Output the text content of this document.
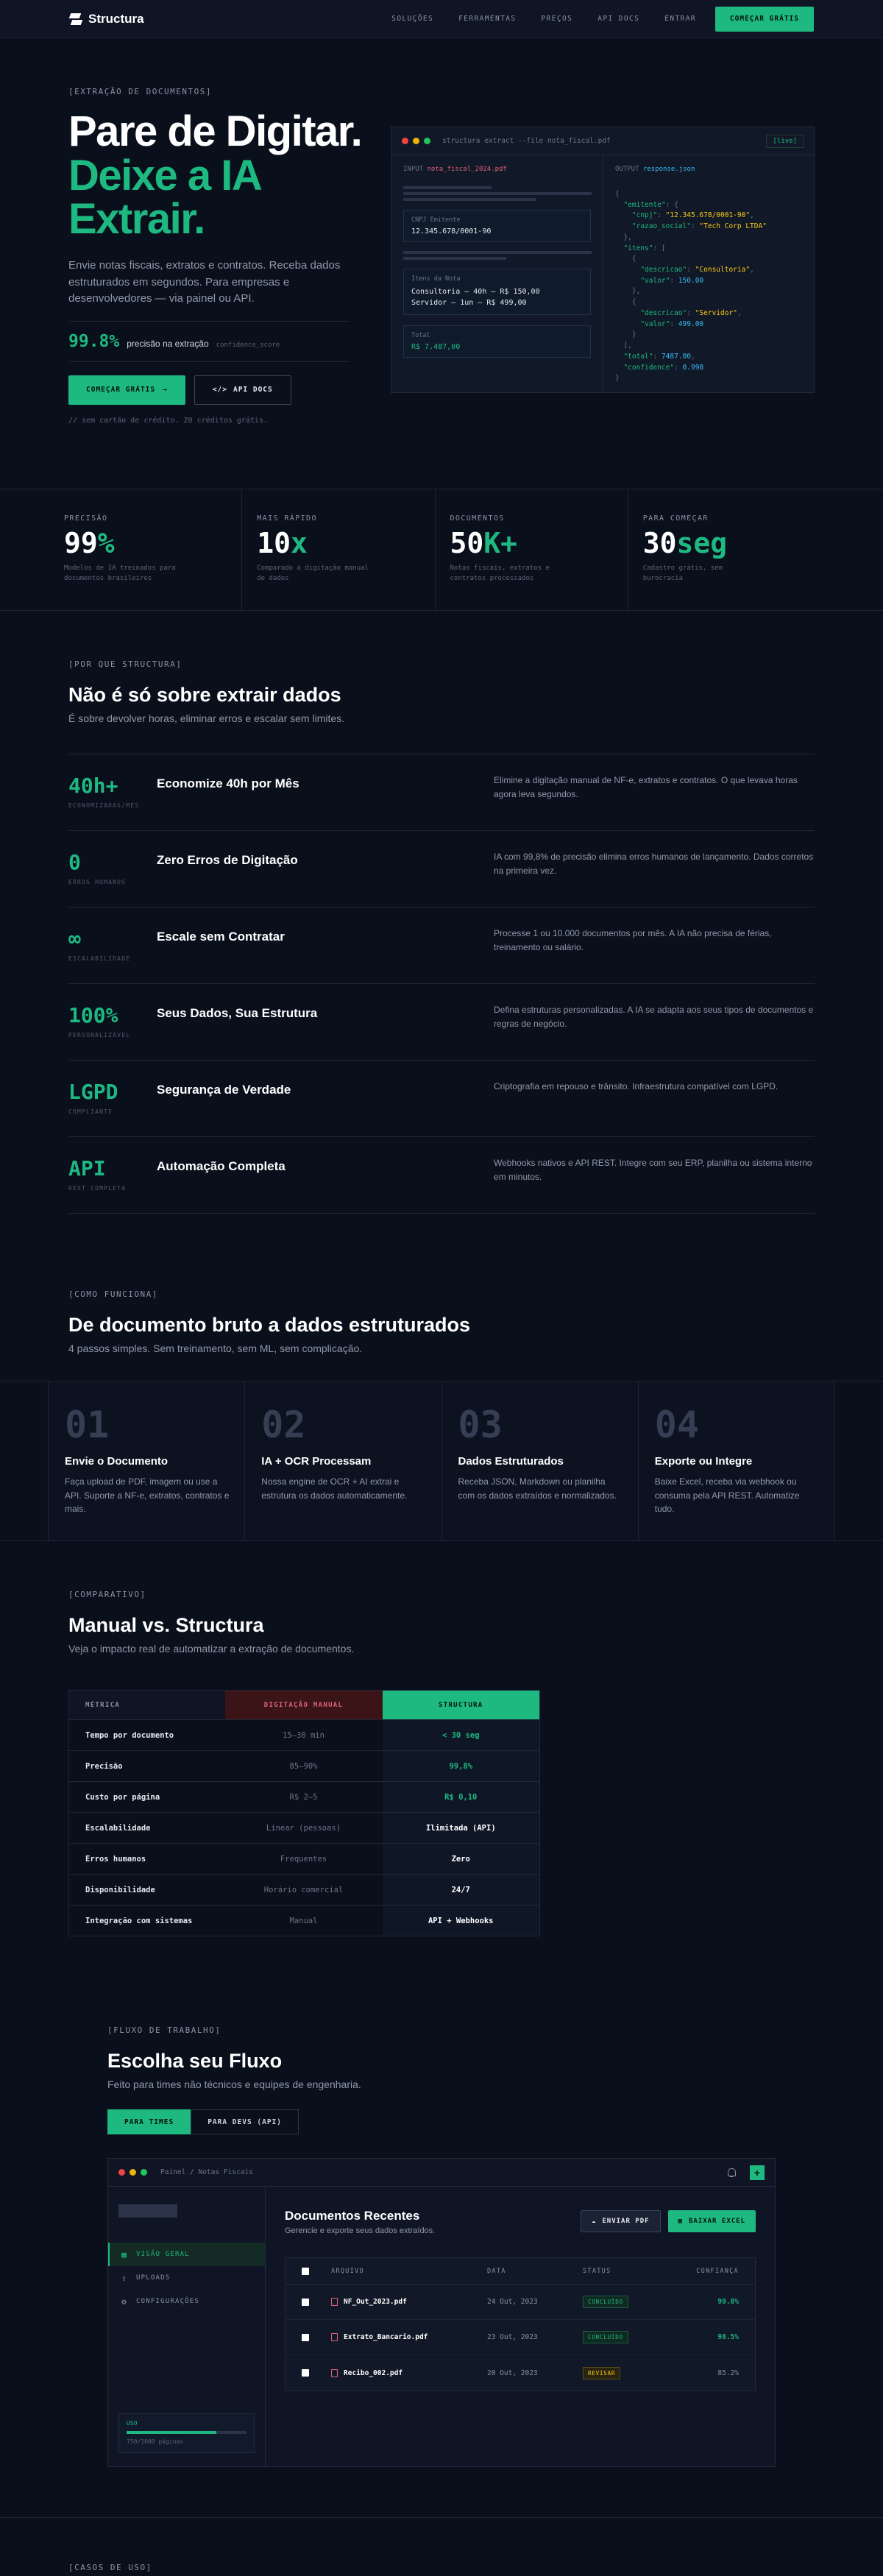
Structura	SOLUÇÕES	FERRAMENTAS	PREÇOS	API DOCS	ENTRAR	COMEÇAR GRÁTIS
[EXTRAÇÃO DE DOCUMENTOS]
Pare de Digitar. Deixe a IA Extrair.

Envie notas fiscais, extratos e contratos. Receba dados estruturados em segundos. Para empresas e desenvolvedores — via painel ou API.

99.8% precisão na extração confidence_score
COMEÇAR GRÁTIS →	</> API DOCS
// sem cartão de crédito. 20 créditos grátis.
structura extract --file nota_fiscal.pdf	[live]
INPUT nota_fiscal_2024.pdf
CNPJ Emitente
12.345.678/0001-90
Itens da Nota
Consultoria — 40h — R$ 150,00
Servidor — 1un — R$ 499,00
Total
R$ 7.487,00
OUTPUT response.json
{
"emitente": {
"cnpj": "12.345.678/0001-90",
"razao_social": "Tech Corp LTDA"
},
"itens": [
{
"descricao": "Consultoria",
"valor": 150.00
},
{
"descricao": "Servidor",
"valor": 499.00
}
],
"total": 7487.00,
"confidence": 0.998
}
PRECISÃO
99%
Modelos de IA treinados para documentos brasileiros
MAIS RÁPIDO
10x
Comparado à digitação manual de dados
DOCUMENTOS
50K+
Notas fiscais, extratos e contratos processados
PARA COMEÇAR
30seg
Cadastro grátis, sem burocracia
[POR QUE STRUCTURA]
Não é só sobre extrair dados
É sobre devolver horas, eliminar erros e escalar sem limites.
40h+
ECONOMIZADAS/MÊS
Economize 40h por Mês	Elimine a digitação manual de NF-e, extratos e contratos. O que levava horas agora leva segundos.
0
ERROS HUMANOS
Zero Erros de Digitação	IA com 99,8% de precisão elimina erros humanos de lançamento. Dados corretos na primeira vez.
∞
ESCALABILIDADE
Escale sem Contratar	Processe 1 ou 10.000 documentos por mês. A IA não precisa de férias, treinamento ou salário.
100%
PERSONALIZÁVEL
Seus Dados, Sua Estrutura	Defina estruturas personalizadas. A IA se adapta aos seus tipos de documentos e regras de negócio.
LGPD
COMPLIANTE
Segurança de Verdade	Criptografia em repouso e trânsito. Infraestrutura compatível com LGPD.
API
REST COMPLETA
Automação Completa	Webhooks nativos e API REST. Integre com seu ERP, planilha ou sistema interno em minutos.
[COMO FUNCIONA]
De documento bruto a dados estruturados
4 passos simples. Sem treinamento, sem ML, sem complicação.
01
Envie o Documento
Faça upload de PDF, imagem ou use a API. Suporte a NF-e, extratos, contratos e mais.
02
IA + OCR Processam
Nossa engine de OCR + AI extrai e estrutura os dados automaticamente.
03
Dados Estruturados
Receba JSON, Markdown ou planilha com os dados extraídos e normalizados.
04
Exporte ou Integre
Baixe Excel, receba via webhook ou consuma pela API REST. Automatize tudo.
[COMPARATIVO]
Manual vs. Structura
Veja o impacto real de automatizar a extração de documentos.
MÉTRICA	DIGITAÇÃO MANUAL	STRUCTURA
Tempo por documento	15–30 min	< 30 seg
Precisão	85–90%	99,8%
Custo por página	R$ 2–5	R$ 0,10
Escalabilidade	Linear (pessoas)	Ilimitada (API)
Erros humanos	Frequentes	Zero
Disponibilidade	Horário comercial	24/7
Integração com sistemas	Manual	API + Webhooks
[FLUXO DE TRABALHO]
Escolha seu Fluxo
Feito para times não técnicos e equipes de engenharia.
PARA TIMES	PARA DEVS (API)
Painel / Notas Fiscais	+
▦ VISÃO GERAL
⇪ UPLOADS
⚙ CONFIGURAÇÕES
USO
750/1000 páginas
Documentos Recentes
Gerencie e exporte seus dados extraídos.
☁ ENVIAR PDF	▦ BAIXAR EXCEL
ARQUIVO	DATA	STATUS	CONFIANÇA
NF_Out_2023.pdf	24 Out, 2023	CONCLUÍDO	99.8%
Extrato_Bancario.pdf	23 Out, 2023	CONCLUÍDO	98.5%
Recibo_002.pdf	20 Out, 2023	REVISAR	85.2%
[CASOS DE USO]
